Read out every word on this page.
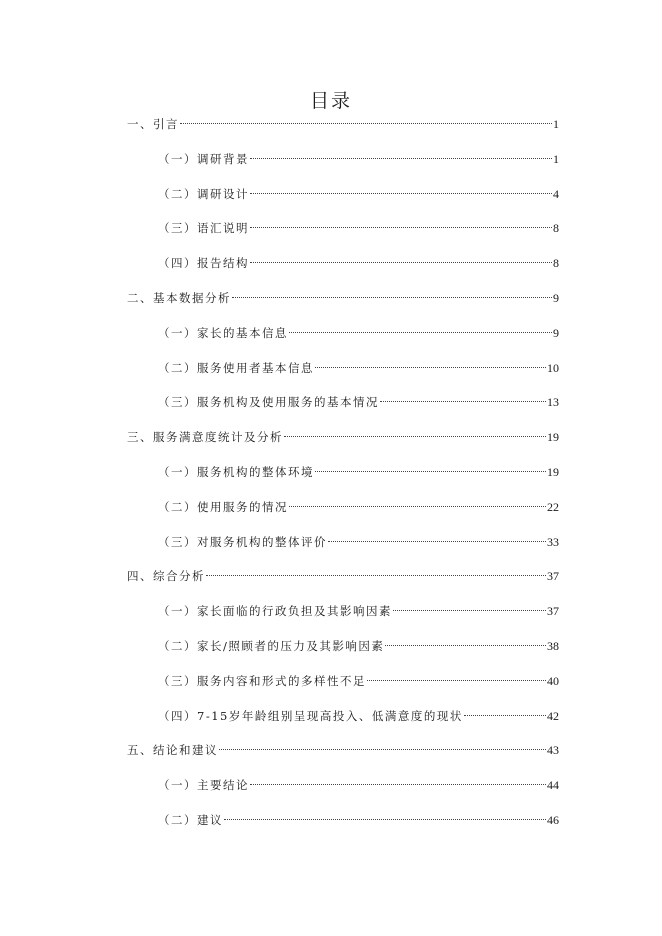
目录
一、引言	1
（一）调研背景	1
（二）调研设计	4
（三）语汇说明	8
（四）报告结构	8
二、基本数据分析	9
（一）家长的基本信息	9
（二）服务使用者基本信息	10
（三）服务机构及使用服务的基本情况	13
三、服务满意度统计及分析	19
（一）服务机构的整体环境	19
（二）使用服务的情况	22
（三）对服务机构的整体评价	33
四、综合分析	37
（一）家长面临的行政负担及其影响因素	37
（二）家长/照顾者的压力及其影响因素	38
（三）服务内容和形式的多样性不足	40
（四）7-15岁年龄组别呈现高投入、低满意度的现状	42
五、结论和建议	43
（一）主要结论	44
（二）建议	46
